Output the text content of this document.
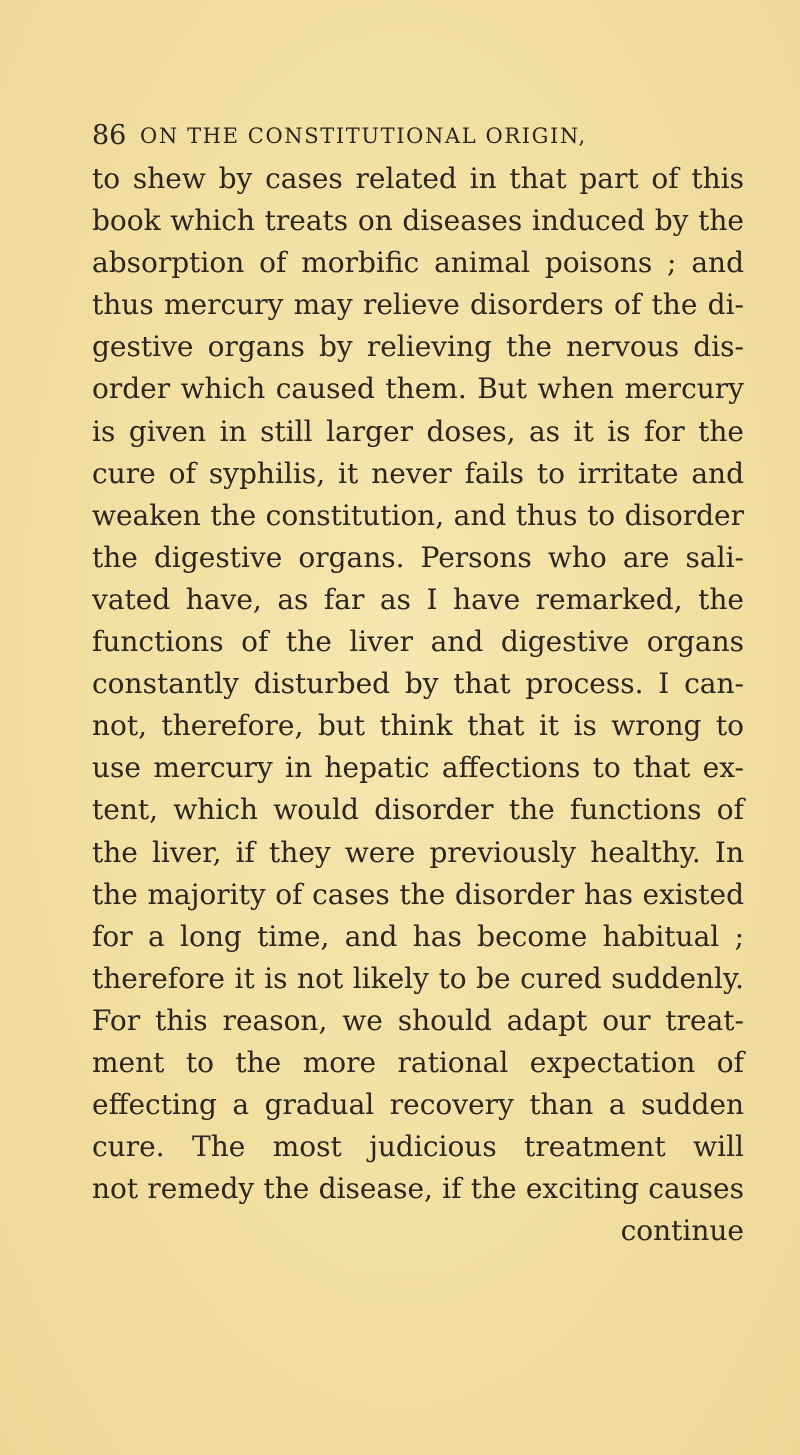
86 ON THE CONSTITUTIONAL ORIGIN,
to shew by cases related in that part of this
book which treats on diseases induced by the
absorption of morbific animal poisons ; and
thus mercury may relieve disorders of the di-
gestive organs by relieving the nervous dis-
order which caused them. But when mercury
is given in still larger doses, as it is for the
cure of syphilis, it never fails to irritate and
weaken the constitution, and thus to disorder
the digestive organs. Persons who are sali-
vated have, as far as I have remarked, the
functions of the liver and digestive organs
constantly disturbed by that process. I can-
not, therefore, but think that it is wrong to
use mercury in hepatic affections to that ex-
tent, which would disorder the functions of
the liver, if they were previously healthy. In
the majority of cases the disorder has existed
for a long time, and has become habitual ;
therefore it is not likely to be cured suddenly.
For this reason, we should adapt our treat-
ment to the more rational expectation of
effecting a gradual recovery than a sudden
cure. The most judicious treatment will
not remedy the disease, if the exciting causes
continue
